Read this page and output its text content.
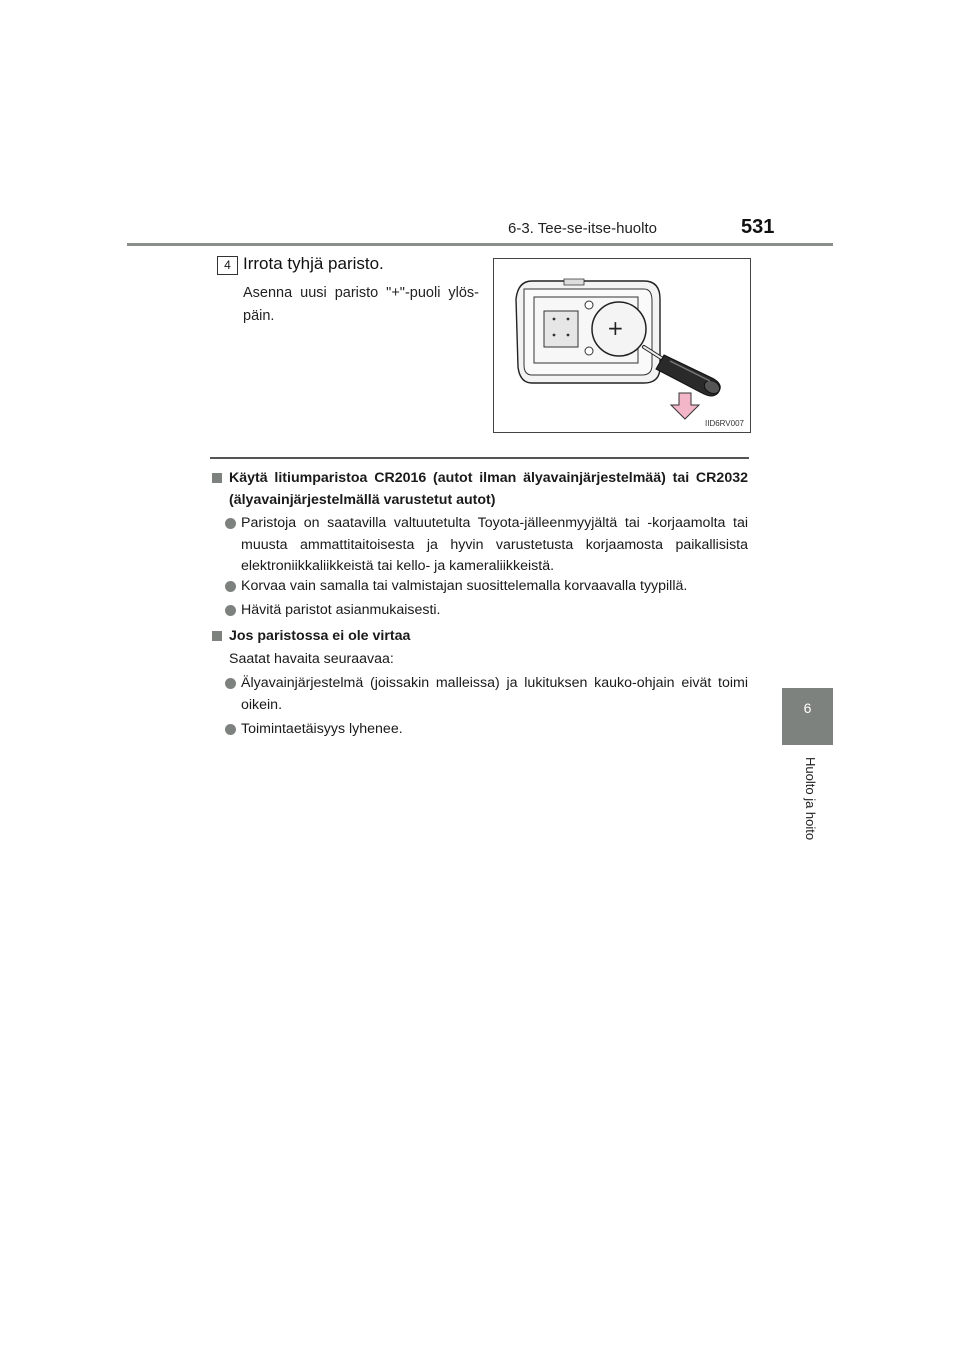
6-3. Tee-se-itse-huolto	531
6
Huolto ja hoito
4 Irrota tyhjä paristo.
Asenna uusi paristo "+"-puoli ylös-päin.	+
IID6RV007
Käytä litiumparistoa CR2016 (autot ilman älyavainjärjestelmää) tai CR2032 (älyavainjärjestelmällä varustetut autot)
Paristoja on saatavilla valtuutetulta Toyota-jälleenmyyjältä tai -korjaamolta tai muusta ammattitaitoisesta ja hyvin varustetusta korjaamosta paikallisista elektroniikkaliikkeistä tai kello- ja kameraliikkeistä.
Korvaa vain samalla tai valmistajan suosittelemalla korvaavalla tyypillä.
Hävitä paristot asianmukaisesti.
Jos paristossa ei ole virtaa
Saatat havaita seuraavaa:
Älyavainjärjestelmä (joissakin malleissa) ja lukituksen kauko-ohjain eivät toimi oikein.
Toimintaetäisyys lyhenee.
